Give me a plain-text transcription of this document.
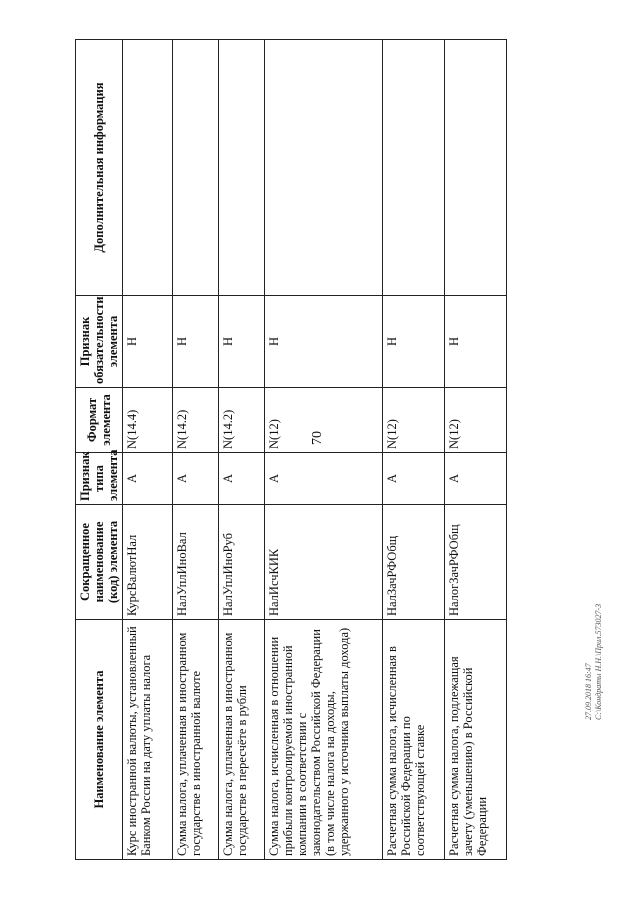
70
Наименование элемента	Сокращенное наименование (код) элемента	Признак типа элемента	Формат элемента	Признак обязательности элемента	Дополнительная информация
Курс иностранной валюты, установленный Банком России на дату уплаты налога	КурсВалютНал	А	N(14.4)	Н	
Сумма налога, уплаченная в иностранном государстве в иностранной валюте	НалУплИноВал	А	N(14.2)	Н	
Сумма налога, уплаченная в иностранном государстве в пересчёте в рубли	НалУплИноРуб	А	N(14.2)	Н	
Сумма налога, исчисленная в отношении прибыли контролируемой иностранной компании в соответствии с законодательством Российской Федерации (в том числе налога на доходы, удержанного у источника выплаты дохода)	НалИсчКИК	А	N(12)	Н	
Расчетная сумма налога, исчисленная в Российской Федерации по соответствующей ставке	НалЗачРФОбщ	А	N(12)	Н	
Расчетная сумма налога, подлежащая зачету (уменьшению) в Российской Федерации	НалогЗачРФОбщ	А	N(12)	Н	
27.09.2018 16:47 С:\Кондраты Н.Н.\Прил.573027-3
